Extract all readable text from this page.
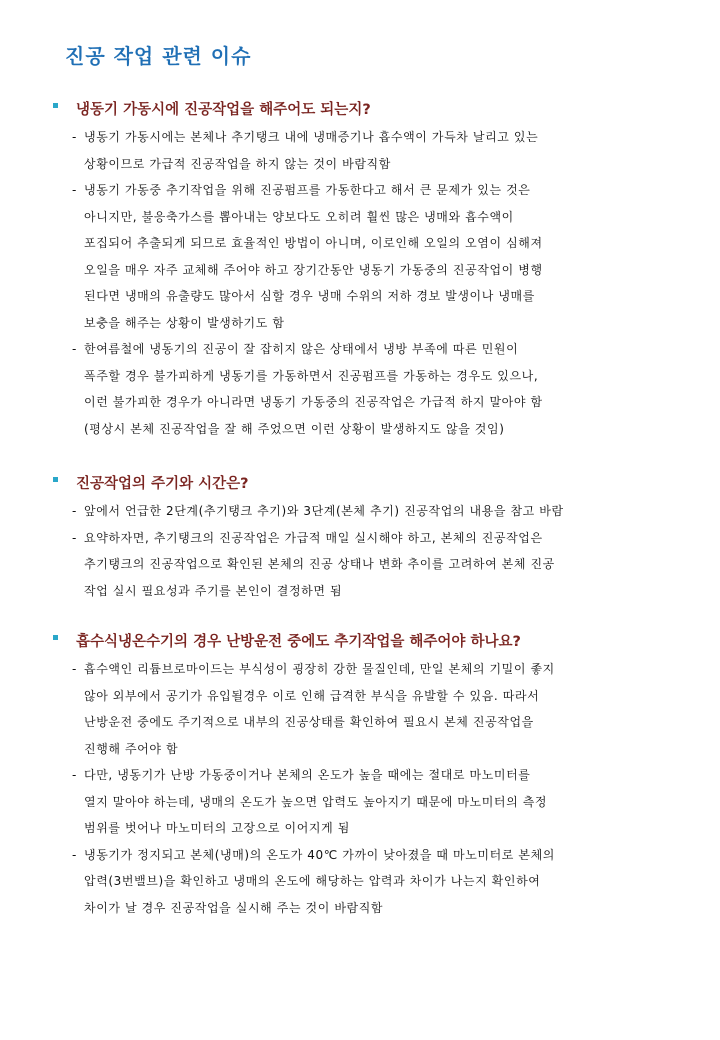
진공 작업 관련 이슈
냉동기 가동시에 진공작업을 해주어도 되는지?
- 냉동기 가동시에는 본체나 추기탱크 내에 냉매증기나 흡수액이 가득차 날리고 있는
상황이므로 가급적 진공작업을 하지 않는 것이 바람직함
- 냉동기 가동중 추기작업을 위해 진공펌프를 가동한다고 해서 큰 문제가 있는 것은
아니지만, 불응축가스를 뽑아내는 양보다도 오히려 훨씬 많은 냉매와 흡수액이
포집되어 추출되게 되므로 효율적인 방법이 아니며, 이로인해 오일의 오염이 심해져
오일을 매우 자주 교체해 주어야 하고 장기간동안 냉동기 가동중의 진공작업이 병행
된다면 냉매의 유출량도 많아서 심할 경우 냉매 수위의 저하 경보 발생이나 냉매를
보충을 해주는 상황이 발생하기도 함
- 한여름철에 냉동기의 진공이 잘 잡히지 않은 상태에서 냉방 부족에 따른 민원이
폭주할 경우 불가피하게 냉동기를 가동하면서 진공펌프를 가동하는 경우도 있으나,
이런 불가피한 경우가 아니라면 냉동기 가동중의 진공작업은 가급적 하지 말아야 함
(평상시 본체 진공작업을 잘 해 주었으면 이런 상황이 발생하지도 않을 것임)
진공작업의 주기와 시간은?
- 앞에서 언급한 2단계(추기탱크 추기)와 3단계(본체 추기) 진공작업의 내용을 참고 바람
- 요약하자면, 추기탱크의 진공작업은 가급적 매일 실시해야 하고, 본체의 진공작업은
추기탱크의 진공작업으로 확인된 본체의 진공 상태나 변화 추이를 고려하여 본체 진공
작업 실시 필요성과 주기를 본인이 결정하면 됨
흡수식냉온수기의 경우 난방운전 중에도 추기작업을 해주어야 하나요?
- 흡수액인 리튬브로마이드는 부식성이 굉장히 강한 물질인데, 만일 본체의 기밀이 좋지
않아 외부에서 공기가 유입될경우 이로 인해 급격한 부식을 유발할 수 있음. 따라서
난방운전 중에도 주기적으로 내부의 진공상태를 확인하여 필요시 본체 진공작업을
진행해 주어야 함
- 다만, 냉동기가 난방 가동중이거나 본체의 온도가 높을 때에는 절대로 마노미터를
열지 말아야 하는데, 냉매의 온도가 높으면 압력도 높아지기 때문에 마노미터의 측정
범위를 벗어나 마노미터의 고장으로 이어지게 됨
- 냉동기가 정지되고 본체(냉매)의 온도가 40℃ 가까이 낮아졌을 때 마노미터로 본체의
압력(3번밸브)을 확인하고 냉매의 온도에 해당하는 압력과 차이가 나는지 확인하여
차이가 날 경우 진공작업을 실시해 주는 것이 바람직함
